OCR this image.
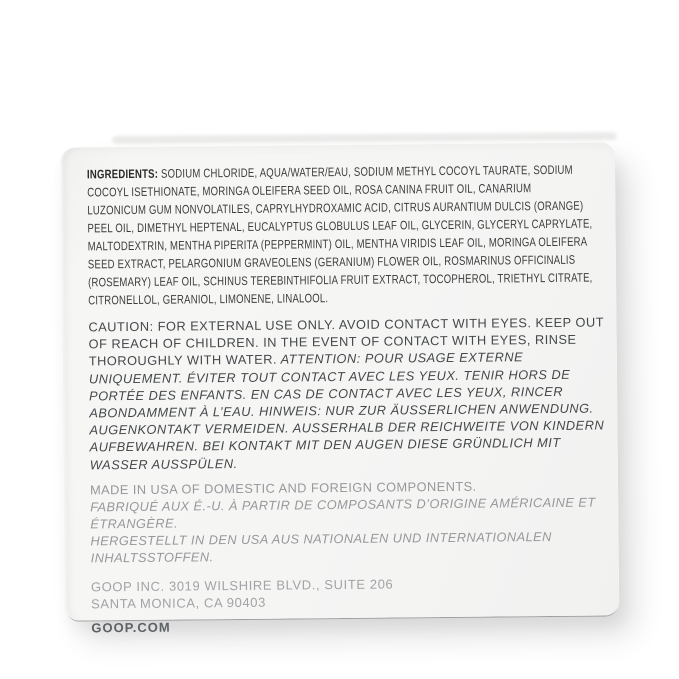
INGREDIENTS: SODIUM CHLORIDE, AQUA/WATER/EAU, SODIUM METHYL COCOYL TAURATE, SODIUM COCOYL ISETHIONATE, MORINGA OLEIFERA SEED OIL, ROSA CANINA FRUIT OIL, CANARIUM LUZONICUM GUM NONVOLATILES, CAPRYLHYDROXAMIC ACID, CITRUS AURANTIUM DULCIS (ORANGE) PEEL OIL, DIMETHYL HEPTENAL, EUCALYPTUS GLOBULUS LEAF OIL, GLYCERIN, GLYCERYL CAPRYLATE, MALTODEXTRIN, MENTHA PIPERITA (PEPPERMINT) OIL, MENTHA VIRIDIS LEAF OIL, MORINGA OLEIFERA SEED EXTRACT, PELARGONIUM GRAVEOLENS (GERANIUM) FLOWER OIL, ROSMARINUS OFFICINALIS (ROSEMARY) LEAF OIL, SCHINUS TEREBINTHIFOLIA FRUIT EXTRACT, TOCOPHEROL, TRIETHYL CITRATE, CITRONELLOL, GERANIOL, LIMONENE, LINALOOL.

CAUTION: FOR EXTERNAL USE ONLY. AVOID CONTACT WITH EYES. KEEP OUT OF REACH OF CHILDREN. IN THE EVENT OF CONTACT WITH EYES, RINSE THOROUGHLY WITH WATER. ATTENTION: POUR USAGE EXTERNE UNIQUEMENT. ÉVITER TOUT CONTACT AVEC LES YEUX. TENIR HORS DE PORTÉE DES ENFANTS. EN CAS DE CONTACT AVEC LES YEUX, RINCER ABONDAMMENT À L’EAU. HINWEIS: NUR ZUR ÄUSSERLICHEN ANWENDUNG. AUGENKONTAKT VERMEIDEN. AUSSERHALB DER REICHWEITE VON KINDERN AUFBEWAHREN. BEI KONTAKT MIT DEN AUGEN DIESE GRÜNDLICH MIT WASSER AUSSPÜLEN.

MADE IN USA OF DOMESTIC AND FOREIGN COMPONENTS.
FABRIQUÉ AUX É.-U. À PARTIR DE COMPOSANTS D’ORIGINE AMÉRICAINE ET ÉTRANGÈRE.
HERGESTELLT IN DEN USA AUS NATIONALEN UND INTERNATIONALEN INHALTSSTOFFEN.

GOOP INC. 3019 WILSHIRE BLVD., SUITE 206
SANTA MONICA, CA 90403

GOOP.COM
